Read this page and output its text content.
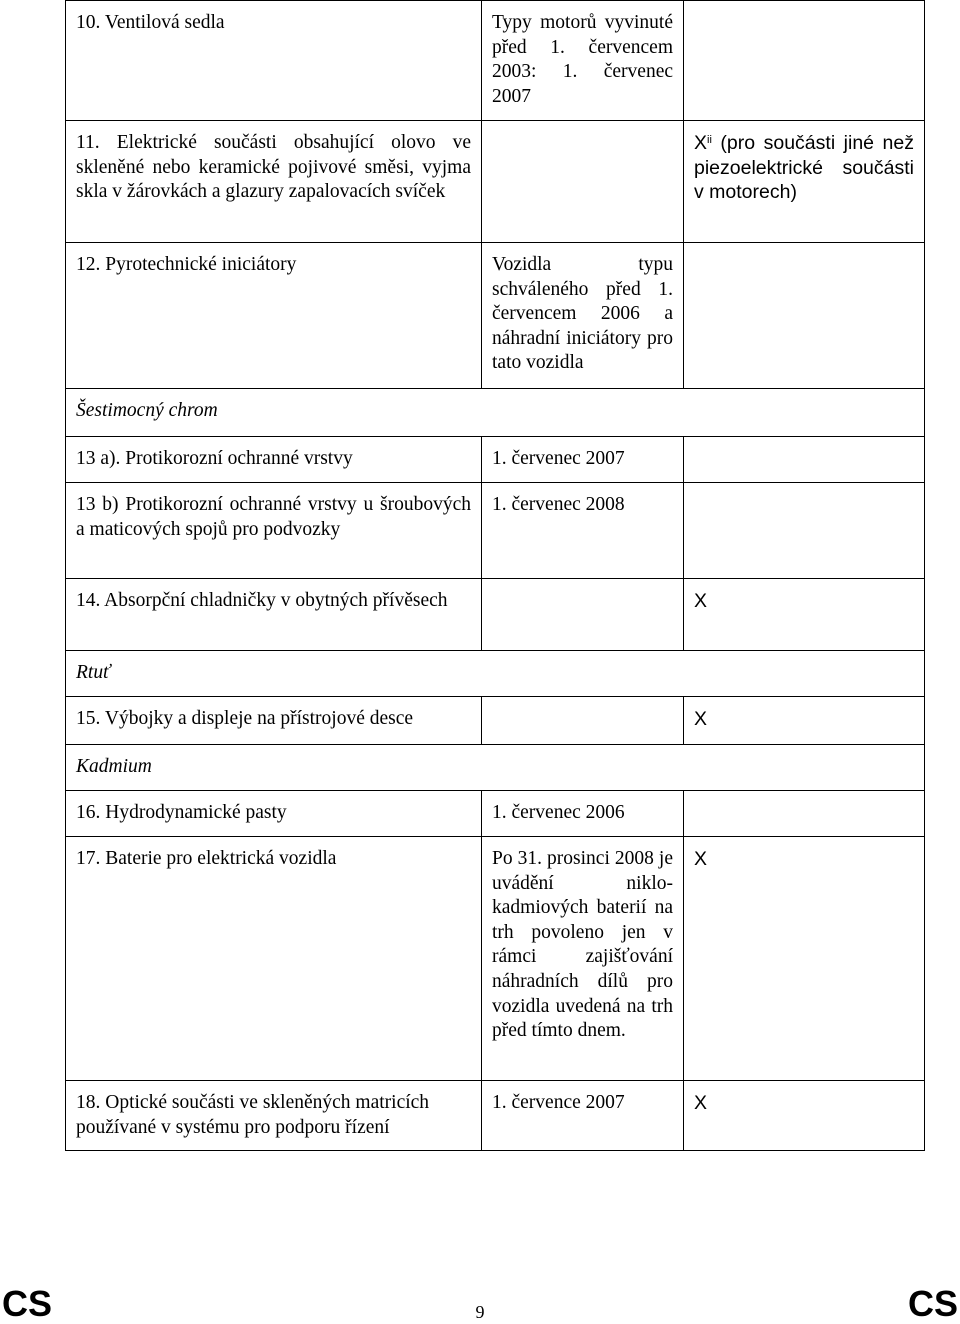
10. Ventilová sedla	Typy motorů vyvinuté před 1. červencem 2003: 1. červenec 2007	
11. Elektrické součásti obsahující olovo ve skleněné nebo keramické pojivové směsi, vyjma skla v žárovkách a glazury zapalovacích svíček		$X^{ii}$ (pro součásti jiné než piezoelektrické součásti v motorech)
12. Pyrotechnické iniciátory	Vozidla typu schváleného před 1. červencem 2006 a náhradní iniciátory pro tato vozidla	
Šestimocný chrom		
13 a). Protikorozní ochranné vrstvy	1. červenec 2007	
13 b) Protikorozní ochranné vrstvy u šroubových a maticových spojů pro podvozky	1. červenec 2008	
14. Absorpční chladničky v obytných přívěsech		X
Rtuť		
15. Výbojky a displeje na přístrojové desce		X
Kadmium		
16. Hydrodynamické pasty	1. červenec 2006	
17. Baterie pro elektrická vozidla	Po 31. prosinci 2008 je uvádění niklo-kadmiových baterií na trh povoleno jen v rámci zajišťování náhradních dílů pro vozidla uvedená na trh před tímto dnem.	X
18. Optické součásti ve skleněných matricích používané v systému pro podporu řízení	1. července 2007	X
CS	9	CS
